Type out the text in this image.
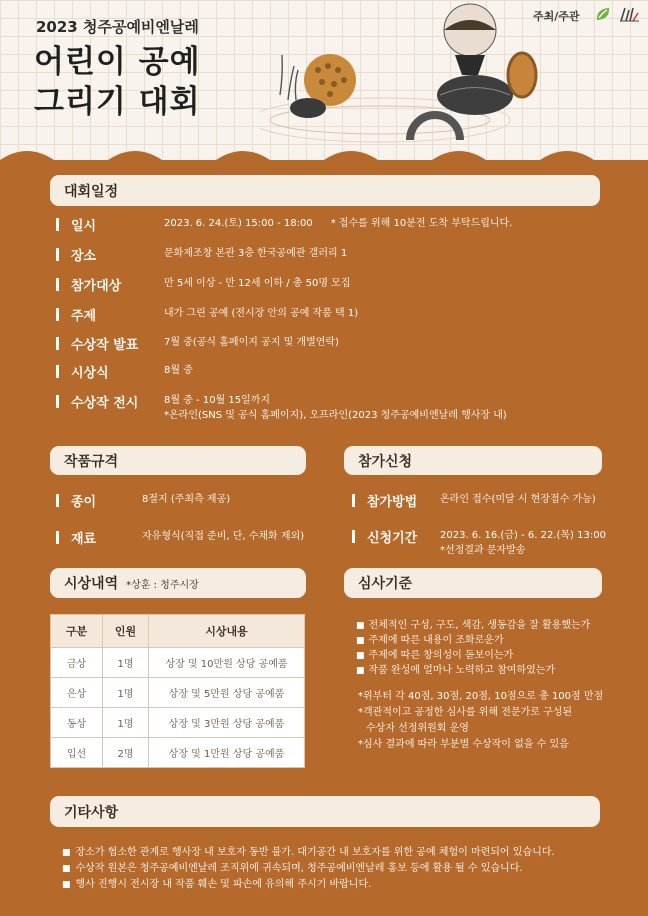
2023 청주공예비엔날레
어린이 공예
그리기 대회
주최/주관
대회일정
일시	2023. 6. 24.(토) 15:00 - 18:00 * 접수를 위해 10분전 도착 부탁드립니다.
장소	문화제조창 본관 3층 한국공예관 갤러리 1
참가대상	만 5세 이상 - 만 12세 이하 / 총 50명 모집
주제	내가 그린 공예 (전시장 안의 공예 작품 택 1)
수상작 발표	7월 중(공식 홈페이지 공지 및 개별연락)
시상식	8월 중
수상작 전시	8월 중 - 10월 15일까지
*온라인(SNS 및 공식 홈페이지), 오프라인(2023 청주공예비엔날레 행사장 내)
작품규격
종이	8절지 (주최측 제공)
재료	자유형식(직접 준비, 단, 수채화 제외)
참가신청
참가방법	온라인 접수(미달 시 현장접수 가능)
신청기간	2023. 6. 16.(금) - 6. 22.(목) 13:00
*선정결과 문자발송
시상내역 *상훈 : 청주시장
구분	인원	시상내용
금상	1명	상장 및 10만원 상당 공예품
은상	1명	상장 및 5만원 상당 공예품
동상	1명	상장 및 3만원 상당 공예품
입선	2명	상장 및 1만원 상당 공예품
심사기준
■ 전체적인 구성, 구도, 색감, 생동감을 잘 활용했는가
■ 주제에 따른 내용이 조화로운가
■ 주제에 따른 창의성이 돋보이는가
■ 작품 완성에 얼마나 노력하고 참여하였는가
*위부터 각 40점, 30점, 20점, 10점으로 총 100점 만점
*객관적이고 공정한 심사를 위해 전문가로 구성된
수상자 선정위원회 운영
*심사 결과에 따라 부분별 수상작이 없을 수 있음
기타사항
■ 장소가 협소한 관계로 행사장 내 보호자 동반 불가. 대기공간 내 보호자를 위한 공예 체험이 마련되어 있습니다.
■ 수상작 원본은 청주공예비엔날레 조직위에 귀속되며, 청주공예비엔날레 홍보 등에 활용 될 수 있습니다.
■ 행사 진행시 전시장 내 작품 훼손 및 파손에 유의해 주시기 바랍니다.
